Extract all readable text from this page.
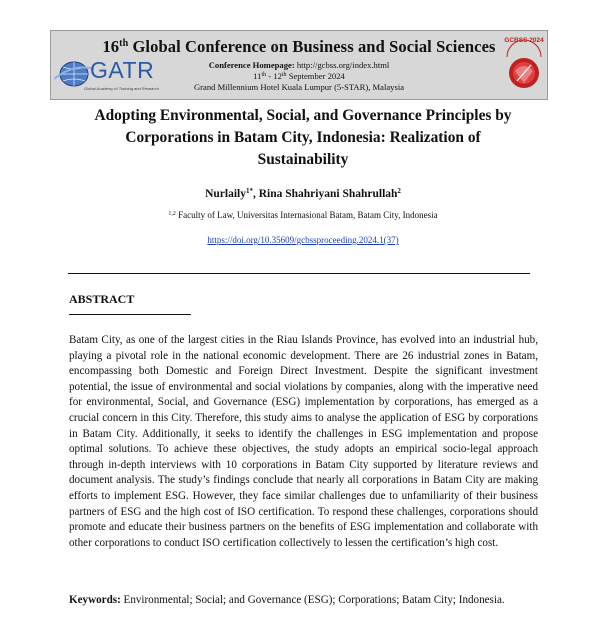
GATR
Global Academy of Training and Research
16th Global Conference on Business and Social Sciences
Conference Homepage: http://gcbss.org/index.html
11th - 12th September 2024
Grand Millennium Hotel Kuala Lumpur (5-STAR), Malaysia
GCBSS 2024
Adopting Environmental, Social, and Governance Principles by
Corporations in Batam City, Indonesia: Realization of
Sustainability
Nurlaily$^{1*}$, Rina Shahriyani Shahrullah$^2$
$^{1,2}$ Faculty of Law, Universitas Internasional Batam, Batam City, Indonesia
https://doi.org/10.35609/gcbssproceeding.2024.1(37)
ABSTRACT
Batam City, as one of the largest cities in the Riau Islands Province, has evolved into an industrial hub, playing a pivotal role in the national economic development. There are 26 industrial zones in Batam, encompassing both Domestic and Foreign Direct Investment. Despite the significant investment potential, the issue of environmental and social violations by companies, along with the imperative need for environmental, Social, and Governance (ESG) implementation by corporations, has emerged as a crucial concern in this City. Therefore, this study aims to analyse the application of ESG by corporations in Batam City. Additionally, it seeks to identify the challenges in ESG implementation and propose optimal solutions. To achieve these objectives, the study adopts an empirical socio-legal approach through in-depth interviews with 10 corporations in Batam City supported by literature reviews and document analysis. The study’s findings conclude that nearly all corporations in Batam City are making efforts to implement ESG. However, they face similar challenges due to unfamiliarity of their business partners of ESG and the high cost of ISO certification. To respond these challenges, corporations should promote and educate their business partners on the benefits of ESG implementation and collaborate with other corporations to conduct ISO certification collectively to lessen the certification’s high cost.
Keywords: Environmental; Social; and Governance (ESG); Corporations; Batam City; Indonesia.
